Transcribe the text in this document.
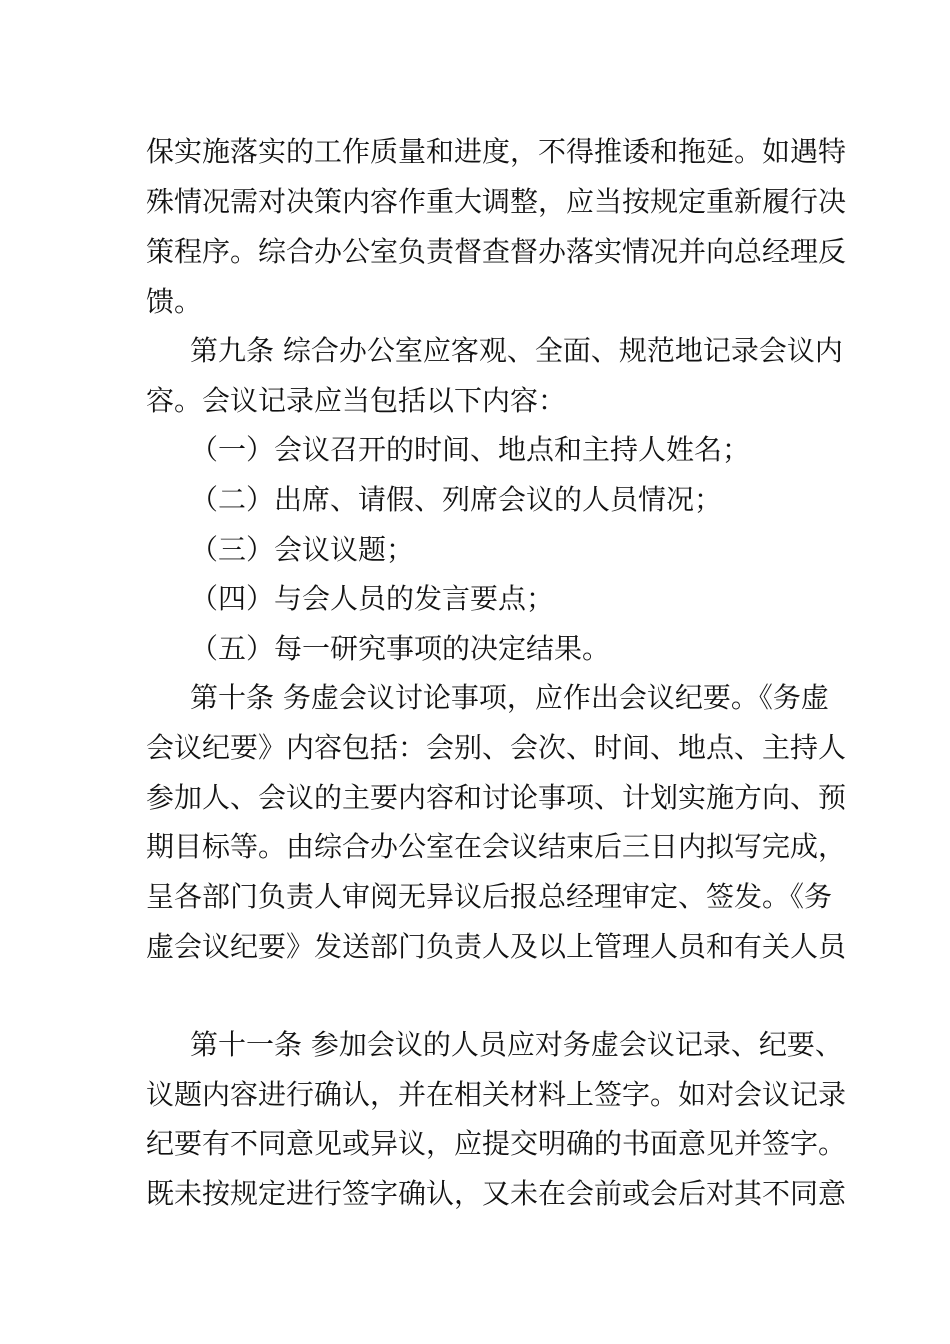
保实施落实的工作质量和进度，不得推诿和拖延。如遇特

殊情况需对决策内容作重大调整，应当按规定重新履行决

策程序。综合办公室负责督查督办落实情况并向总经理反

馈。

第九条 综合办公室应客观、全面、规范地记录会议内

容。会议记录应当包括以下内容：

（一）会议召开的时间、地点和主持人姓名；

（二）出席、请假、列席会议的人员情况；

（三）会议议题；

（四）与会人员的发言要点；

（五）每一研究事项的决定结果。

第十条 务虚会议讨论事项，应作出会议纪要。《务虚

会议纪要》内容包括：会别、会次、时间、地点、主持人

参加人、会议的主要内容和讨论事项、计划实施方向、预

期目标等。由综合办公室在会议结束后三日内拟写完成，

呈各部门负责人审阅无异议后报总经理审定、签发。《务

虚会议纪要》发送部门负责人及以上管理人员和有关人员

第十一条 参加会议的人员应对务虚会议记录、纪要、

议题内容进行确认，并在相关材料上签字。如对会议记录

纪要有不同意见或异议，应提交明确的书面意见并签字。

既未按规定进行签字确认，又未在会前或会后对其不同意
